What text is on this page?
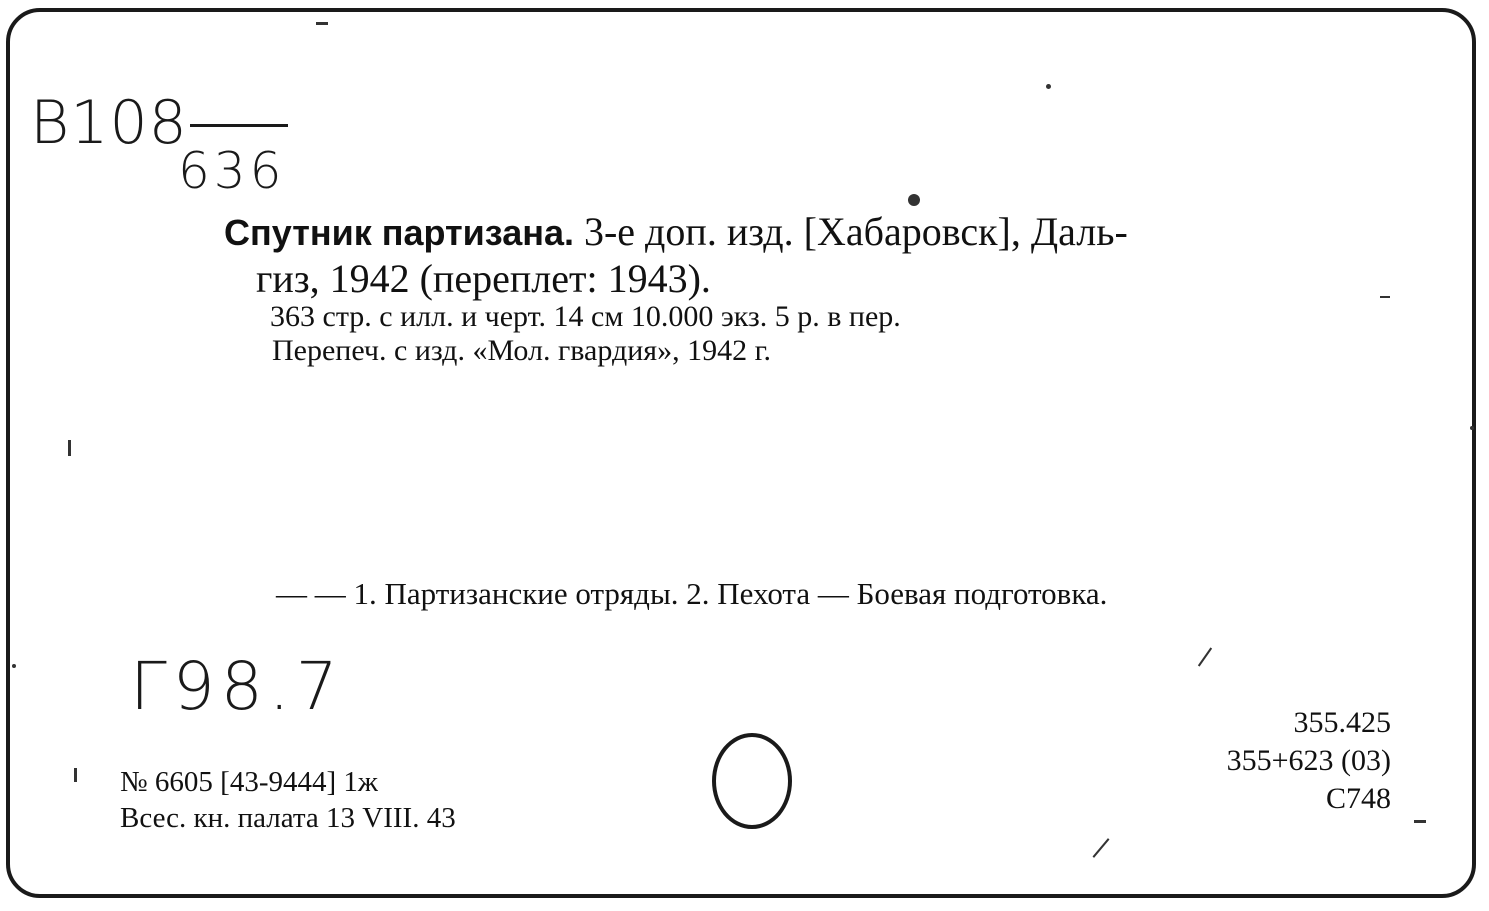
В108
636
Спутник партизана. 3-е доп. изд. [Хабаровск], Даль-
гиз, 1942 (переплет: 1943).
363 стр. с илл. и черт. 14 см 10.000 экз. 5 р. в пер.
Перепеч. с изд. «Мол. гвардия», 1942 г.
— — 1. Партизанские отряды. 2. Пехота — Боевая подготовка.
Г98.7
№ 6605 [43-9444] 1ж
Всес. кн. палата 13 VIII. 43
355.425
355+623 (03)
С748
